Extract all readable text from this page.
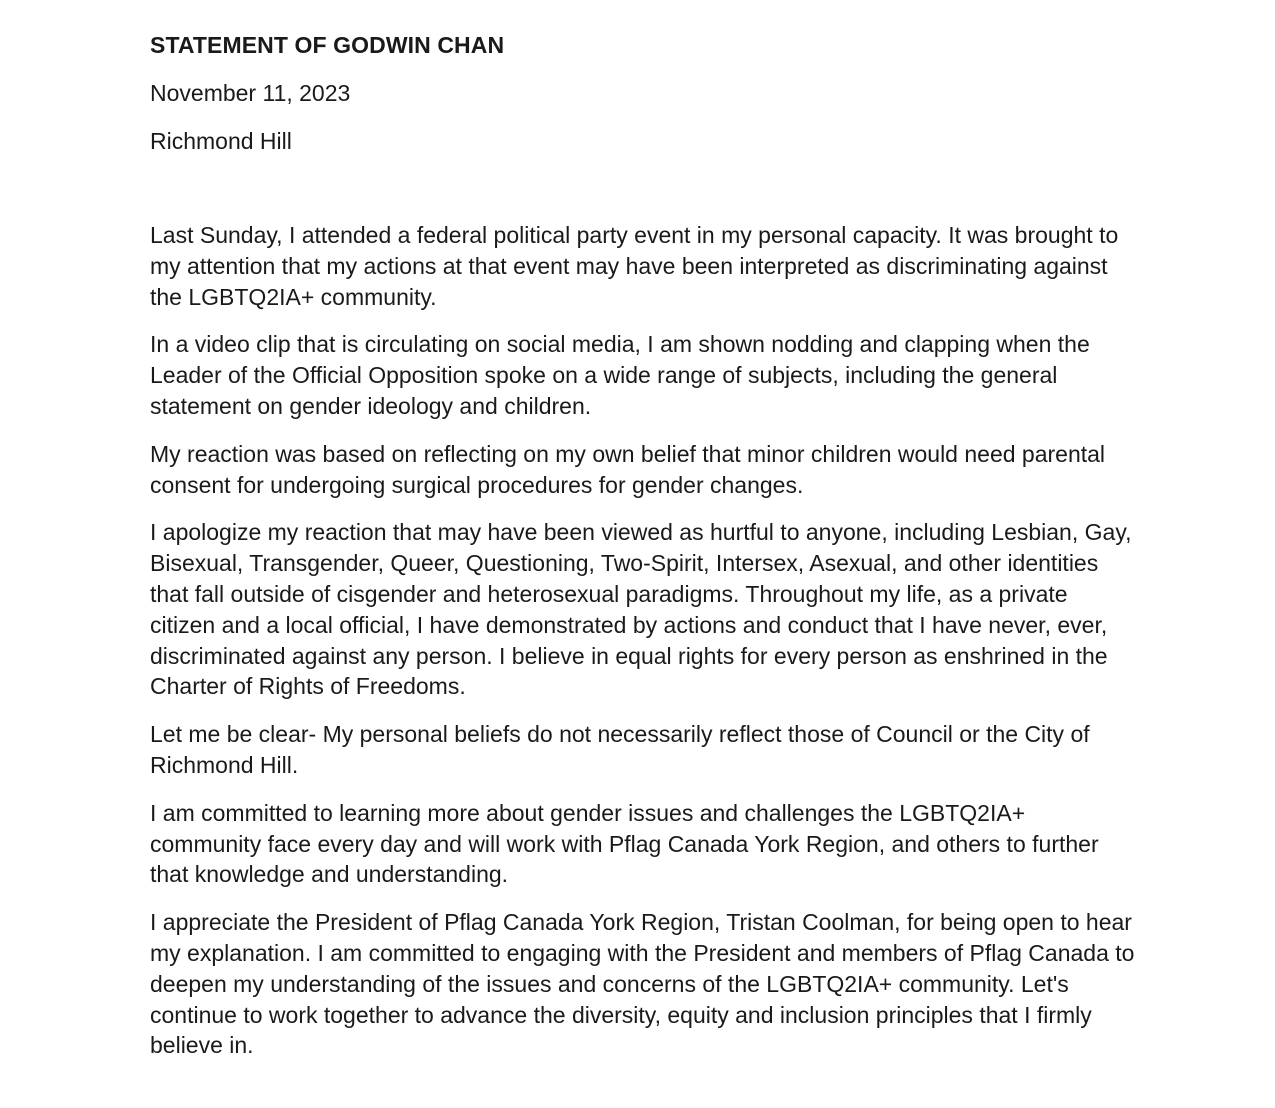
STATEMENT OF GODWIN CHAN

November 11, 2023

Richmond Hill

Last Sunday, I attended a federal political party event in my personal capacity. It was brought to my attention that my actions at that event may have been interpreted as discriminating against the LGBTQ2IA+ community.

In a video clip that is circulating on social media, I am shown nodding and clapping when the Leader of the Official Opposition spoke on a wide range of subjects, including the general statement on gender ideology and children.

My reaction was based on reflecting on my own belief that minor children would need parental consent for undergoing surgical procedures for gender changes.

I apologize my reaction that may have been viewed as hurtful to anyone, including Lesbian, Gay, Bisexual, Transgender, Queer, Questioning, Two-Spirit, Intersex, Asexual, and other identities that fall outside of cisgender and heterosexual paradigms. Throughout my life, as a private citizen and a local official, I have demonstrated by actions and conduct that I have never, ever, discriminated against any person. I believe in equal rights for every person as enshrined in the Charter of Rights of Freedoms.

Let me be clear- My personal beliefs do not necessarily reflect those of Council or the City of Richmond Hill.

I am committed to learning more about gender issues and challenges the LGBTQ2IA+ community face every day and will work with Pflag Canada York Region, and others to further that knowledge and understanding.

I appreciate the President of Pflag Canada York Region, Tristan Coolman, for being open to hear my explanation. I am committed to engaging with the President and members of Pflag Canada to deepen my understanding of the issues and concerns of the LGBTQ2IA+ community. Let's continue to work together to advance the diversity, equity and inclusion principles that I firmly believe in.
